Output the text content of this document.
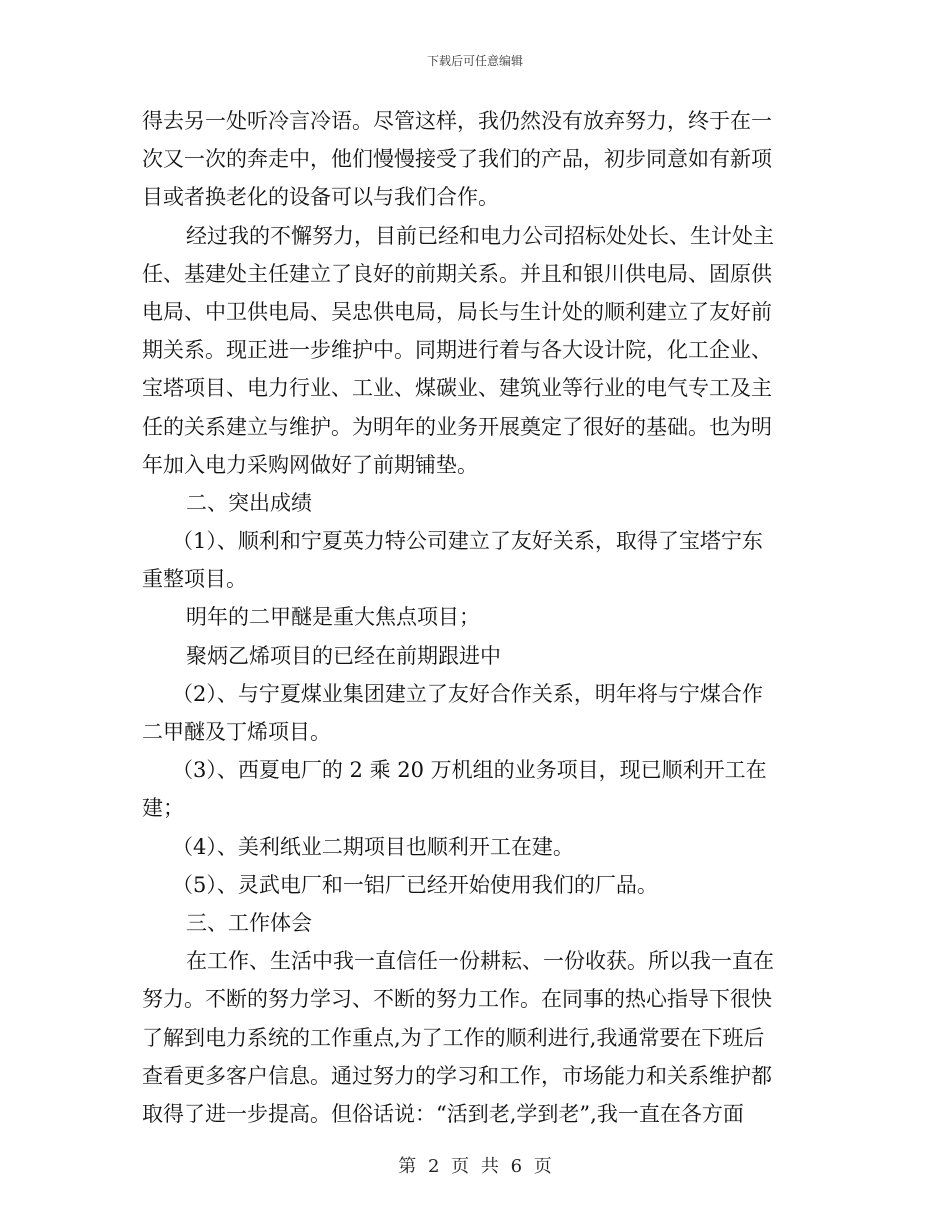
下载后可任意编辑
得去另一处听冷言冷语。尽管这样，我仍然没有放弃努力，终于在一
次又一次的奔走中，他们慢慢接受了我们的产品，初步同意如有新项
目或者换老化的设备可以与我们合作。
经过我的不懈努力，目前已经和电力公司招标处处长、生计处主
任、基建处主任建立了良好的前期关系。并且和银川供电局、固原供
电局、中卫供电局、吴忠供电局，局长与生计处的顺利建立了友好前
期关系。现正进一步维护中。同期进行着与各大设计院，化工企业、
宝塔项目、电力行业、工业、煤碳业、建筑业等行业的电气专工及主
任的关系建立与维护。为明年的业务开展奠定了很好的基础。也为明
年加入电力采购网做好了前期铺垫。
二、突出成绩
（1）、顺利和宁夏英力特公司建立了友好关系，取得了宝塔宁东
重整项目。
明年的二甲醚是重大焦点项目；
聚炳乙烯项目的已经在前期跟进中
（2）、与宁夏煤业集团建立了友好合作关系，明年将与宁煤合作
二甲醚及丁烯项目。
（3）、西夏电厂的 2 乘 20 万机组的业务项目，现已顺利开工在
建；
（4）、美利纸业二期项目也顺利开工在建。
（5）、灵武电厂和一铝厂已经开始使用我们的厂品。
三、工作体会
在工作、生活中我一直信任一份耕耘、一份收获。所以我一直在
努力。不断的努力学习、不断的努力工作。在同事的热心指导下很快
了解到电力系统的工作重点,为了工作的顺利进行,我通常要在下班后
查看更多客户信息。通过努力的学习和工作，市场能力和关系维护都
取得了进一步提高。但俗话说：“活到老,学到老”,我一直在各方面
第 2 页 共 6 页
